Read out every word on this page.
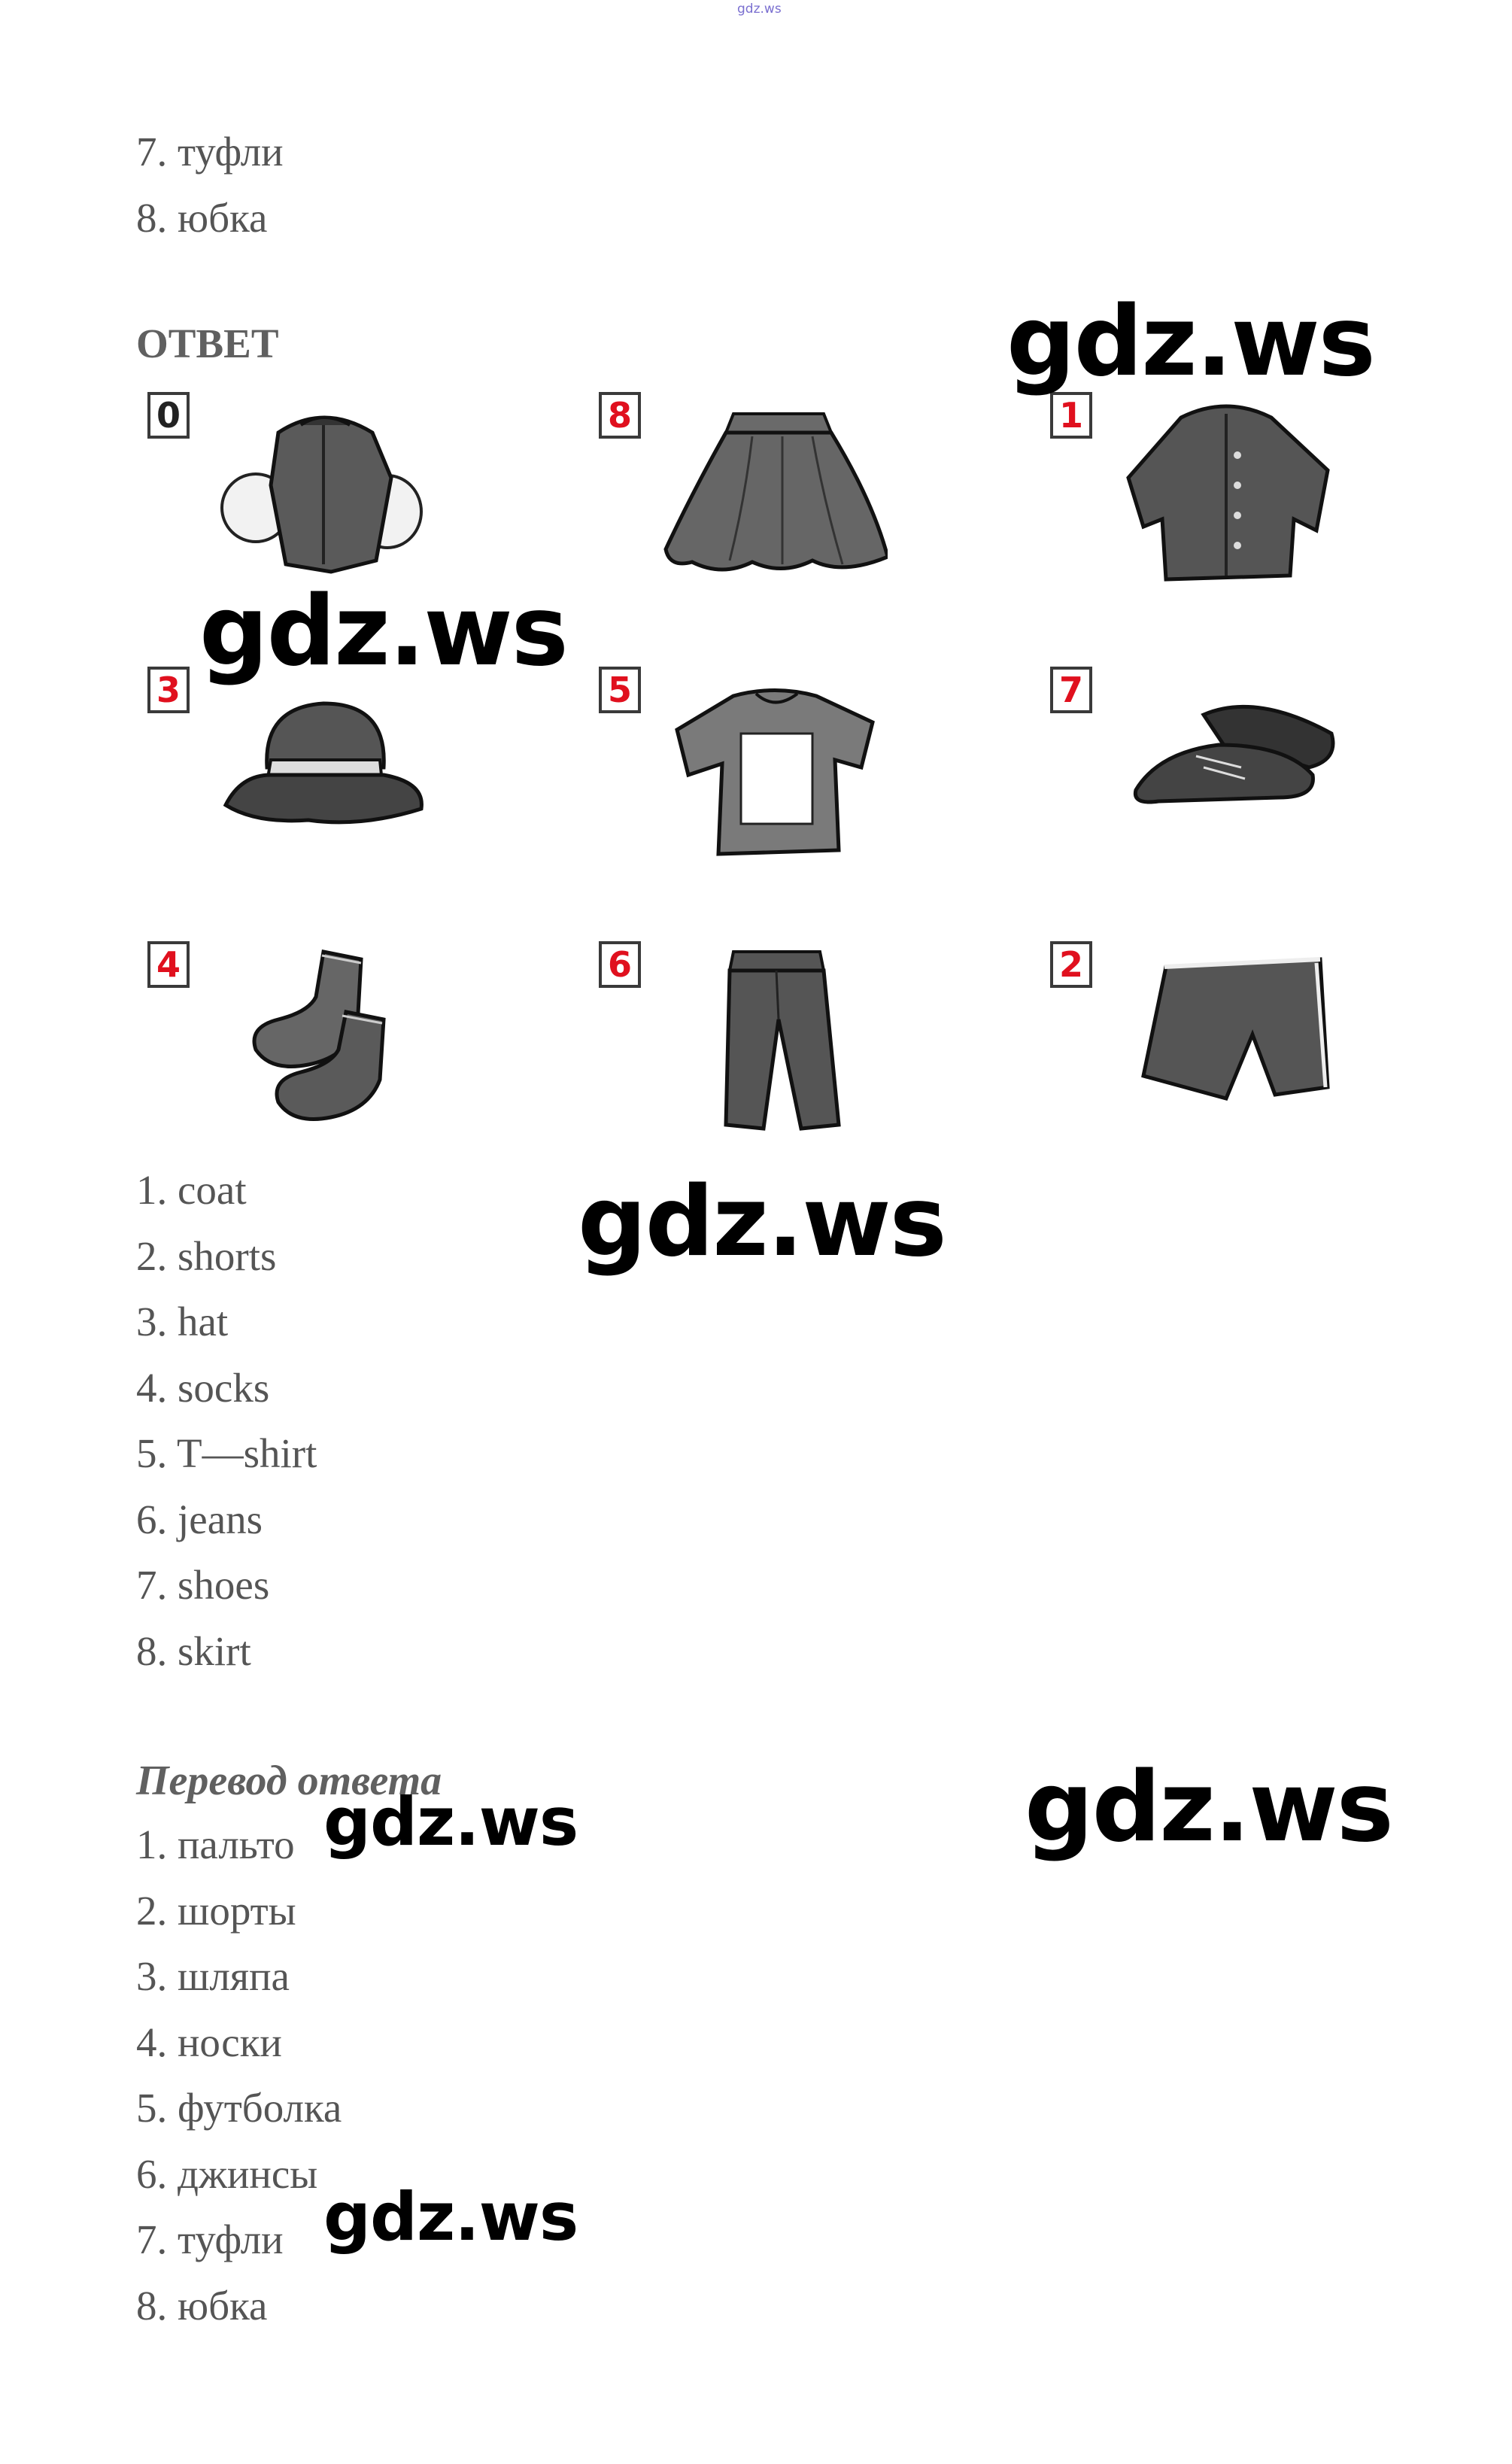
gdz.ws
7. туфли
8. юбка
ОТВЕТ	gdz.ws
gdz.ws
gdz.ws
gdz.ws
gdz.ws
gdz.ws
0	8	1
3	5	7
4	6	2
1. coat
2. shorts
3. hat
4. socks
5. T—shirt
6. jeans
7. shoes
8. skirt
Перевод ответа
1. пальто
2. шорты
3. шляпа
4. носки
5. футболка
6. джинсы
7. туфли
8. юбка
